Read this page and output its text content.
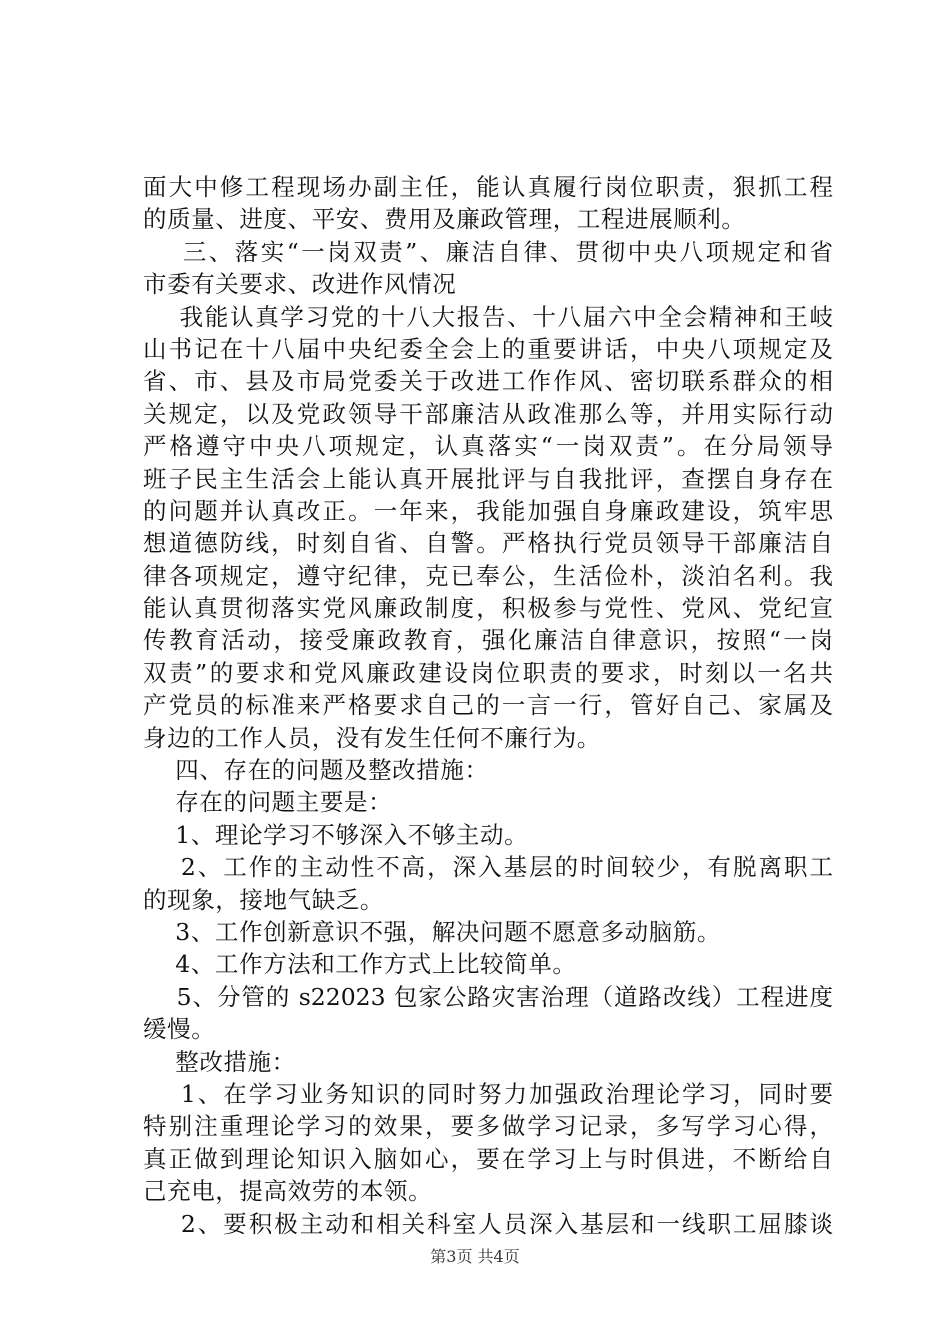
面大中修工程现场办副主任，能认真履行岗位职责，狠抓工程
的质量、进度、平安、费用及廉政管理，工程进展顺利。
三、落实“一岗双责”、廉洁自律、贯彻中央八项规定和省
市委有关要求、改进作风情况
我能认真学习党的十八大报告、十八届六中全会精神和王岐
山书记在十八届中央纪委全会上的重要讲话，中央八项规定及
省、市、县及市局党委关于改进工作作风、密切联系群众的相
关规定，以及党政领导干部廉洁从政准那么等，并用实际行动
严格遵守中央八项规定，认真落实“一岗双责”。在分局领导
班子民主生活会上能认真开展批评与自我批评，查摆自身存在
的问题并认真改正。一年来，我能加强自身廉政建设，筑牢思
想道德防线，时刻自省、自警。严格执行党员领导干部廉洁自
律各项规定，遵守纪律，克已奉公，生活俭朴，淡泊名利。我
能认真贯彻落实党风廉政制度，积极参与党性、党风、党纪宣
传教育活动，接受廉政教育，强化廉洁自律意识，按照“一岗
双责”的要求和党风廉政建设岗位职责的要求，时刻以一名共
产党员的标准来严格要求自己的一言一行，管好自己、家属及
身边的工作人员，没有发生任何不廉行为。
四、存在的问题及整改措施：
存在的问题主要是：
1、理论学习不够深入不够主动。
2、工作的主动性不高，深入基层的时间较少，有脱离职工
的现象，接地气缺乏。
3、工作创新意识不强，解决问题不愿意多动脑筋。
4、工作方法和工作方式上比较简单。
5、分管的 s22023 包家公路灾害治理（道路改线）工程进度
缓慢。
整改措施：
1、在学习业务知识的同时努力加强政治理论学习，同时要
特别注重理论学习的效果，要多做学习记录，多写学习心得，
真正做到理论知识入脑如心，要在学习上与时俱进，不断给自
己充电，提高效劳的本领。
2、要积极主动和相关科室人员深入基层和一线职工屈膝谈
第3页 共4页
